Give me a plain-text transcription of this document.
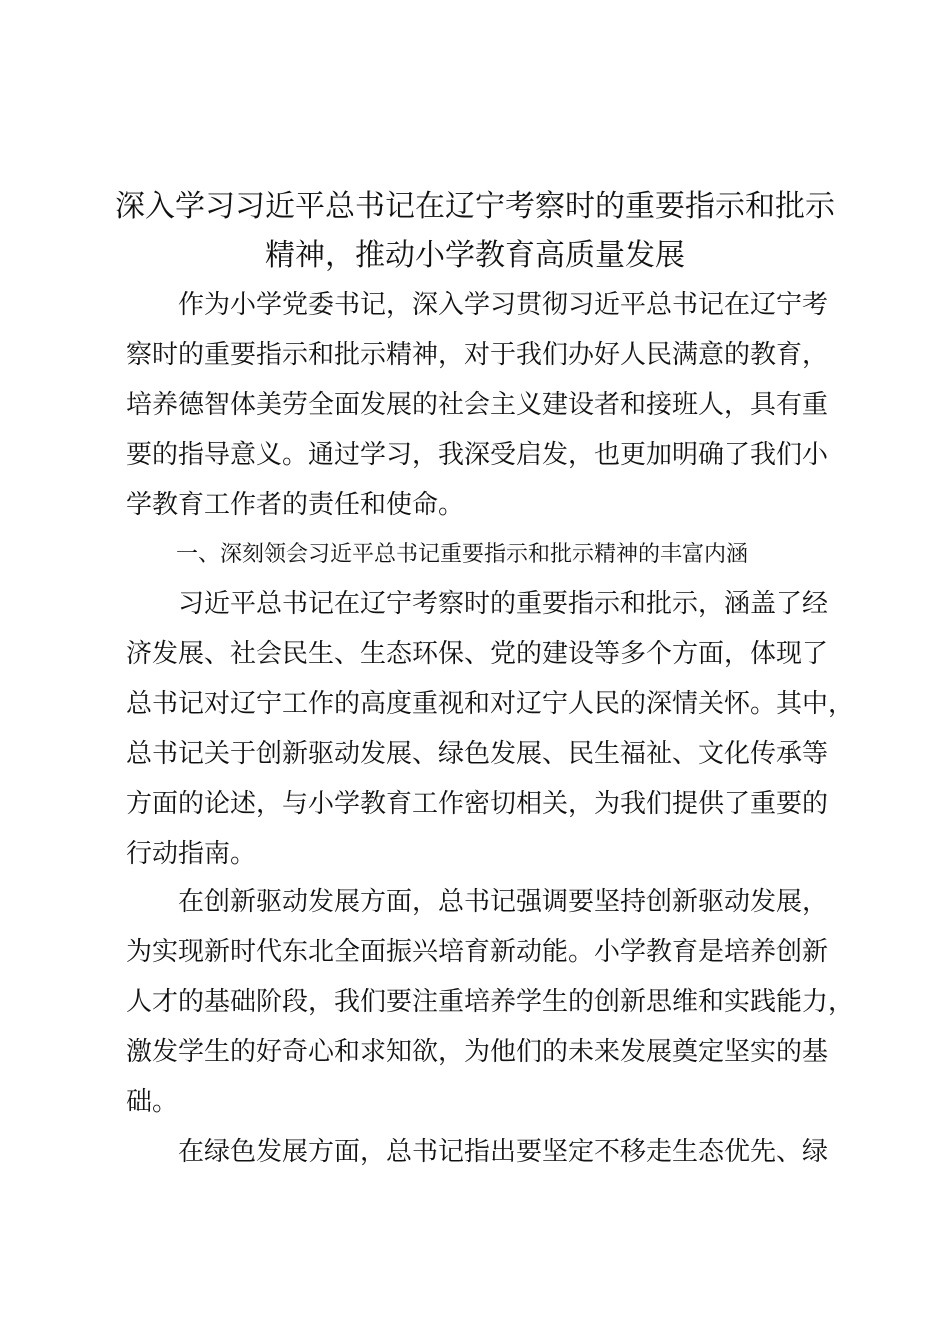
深入学习习近平总书记在辽宁考察时的重要指示和批示
精神，推动小学教育高质量发展
作为小学党委书记，深入学习贯彻习近平总书记在辽宁考
察时的重要指示和批示精神，对于我们办好人民满意的教育，
培养德智体美劳全面发展的社会主义建设者和接班人，具有重
要的指导意义。通过学习，我深受启发，也更加明确了我们小
学教育工作者的责任和使命。
一、深刻领会习近平总书记重要指示和批示精神的丰富内涵
习近平总书记在辽宁考察时的重要指示和批示，涵盖了经
济发展、社会民生、生态环保、党的建设等多个方面，体现了
总书记对辽宁工作的高度重视和对辽宁人民的深情关怀。其中，
总书记关于创新驱动发展、绿色发展、民生福祉、文化传承等
方面的论述，与小学教育工作密切相关，为我们提供了重要的
行动指南。
在创新驱动发展方面，总书记强调要坚持创新驱动发展，
为实现新时代东北全面振兴培育新动能。小学教育是培养创新
人才的基础阶段，我们要注重培养学生的创新思维和实践能力，
激发学生的好奇心和求知欲，为他们的未来发展奠定坚实的基
础。
在绿色发展方面，总书记指出要坚定不移走生态优先、绿
